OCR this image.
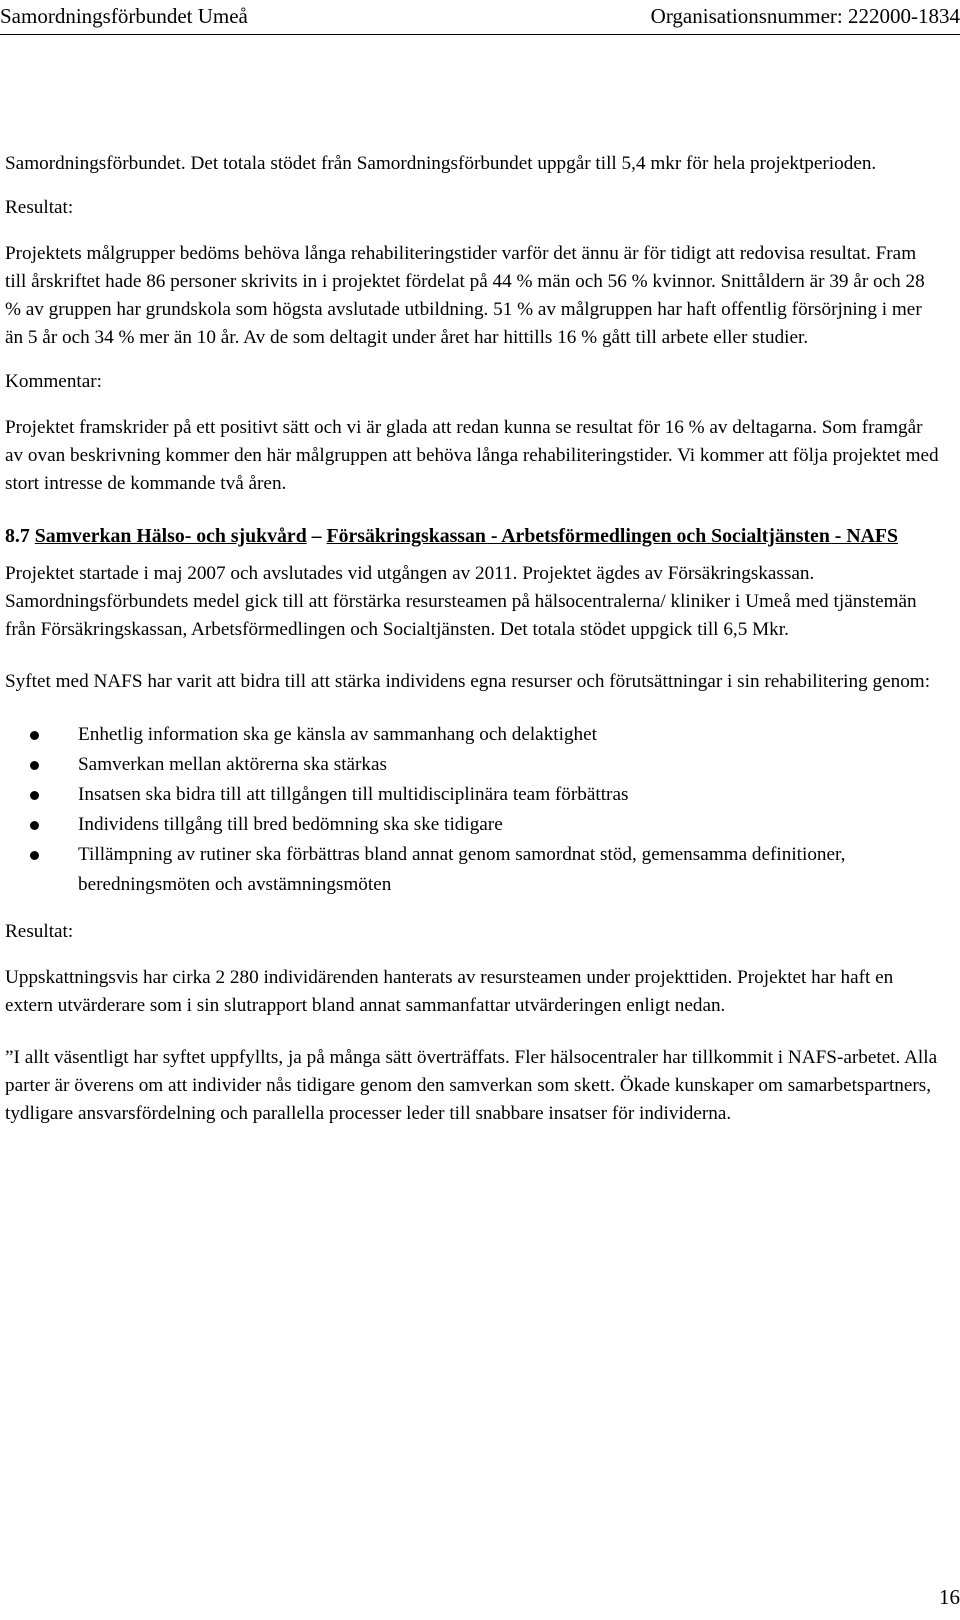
Samordningsförbundet Umeå	Organisationsnummer: 222000-1834

Samordningsförbundet. Det totala stödet från Samordningsförbundet uppgår till 5,4 mkr för hela projektperioden.

Resultat:

Projektets målgrupper bedöms behöva långa rehabiliteringstider varför det ännu är för tidigt att redovisa resultat. Fram till årskriftet hade 86 personer skrivits in i projektet fördelat på 44 % män och 56 % kvinnor. Snittåldern är 39 år och 28 % av gruppen har grundskola som högsta avslutade utbildning. 51 % av målgruppen har haft offentlig försörjning i mer än 5 år och 34 % mer än 10 år. Av de som deltagit under året har hittills 16 % gått till arbete eller studier.

Kommentar:

Projektet framskrider på ett positivt sätt och vi är glada att redan kunna se resultat för 16 % av deltagarna. Som framgår av ovan beskrivning kommer den här målgruppen att behöva långa rehabiliteringstider. Vi kommer att följa projektet med stort intresse de kommande två åren.

8.7 Samverkan Hälso- och sjukvård – Försäkringskassan - Arbetsförmedlingen och Socialtjänsten - NAFS

Projektet startade i maj 2007 och avslutades vid utgången av 2011. Projektet ägdes av Försäkringskassan. Samordningsförbundets medel gick till att förstärka resursteamen på hälsocentralerna/ kliniker i Umeå med tjänstemän från Försäkringskassan, Arbetsförmedlingen och Socialtjänsten. Det totala stödet uppgick till 6,5 Mkr.

Syftet med NAFS har varit att bidra till att stärka individens egna resurser och förutsättningar i sin rehabilitering genom:

Enhetlig information ska ge känsla av sammanhang och delaktighet
Samverkan mellan aktörerna ska stärkas
Insatsen ska bidra till att tillgången till multidisciplinära team förbättras
Individens tillgång till bred bedömning ska ske tidigare
Tillämpning av rutiner ska förbättras bland annat genom samordnat stöd, gemensamma definitioner, beredningsmöten och avstämningsmöten

Resultat:

Uppskattningsvis har cirka 2 280 individärenden hanterats av resursteamen under projekttiden. Projektet har haft en extern utvärderare som i sin slutrapport bland annat sammanfattar utvärderingen enligt nedan.

”I allt väsentligt har syftet uppfyllts, ja på många sätt överträffats. Fler hälsocentraler har tillkommit i NAFS-arbetet. Alla parter är överens om att individer nås tidigare genom den samverkan som skett. Ökade kunskaper om samarbetspartners, tydligare ansvarsfördelning och parallella processer leder till snabbare insatser för individerna.

16
